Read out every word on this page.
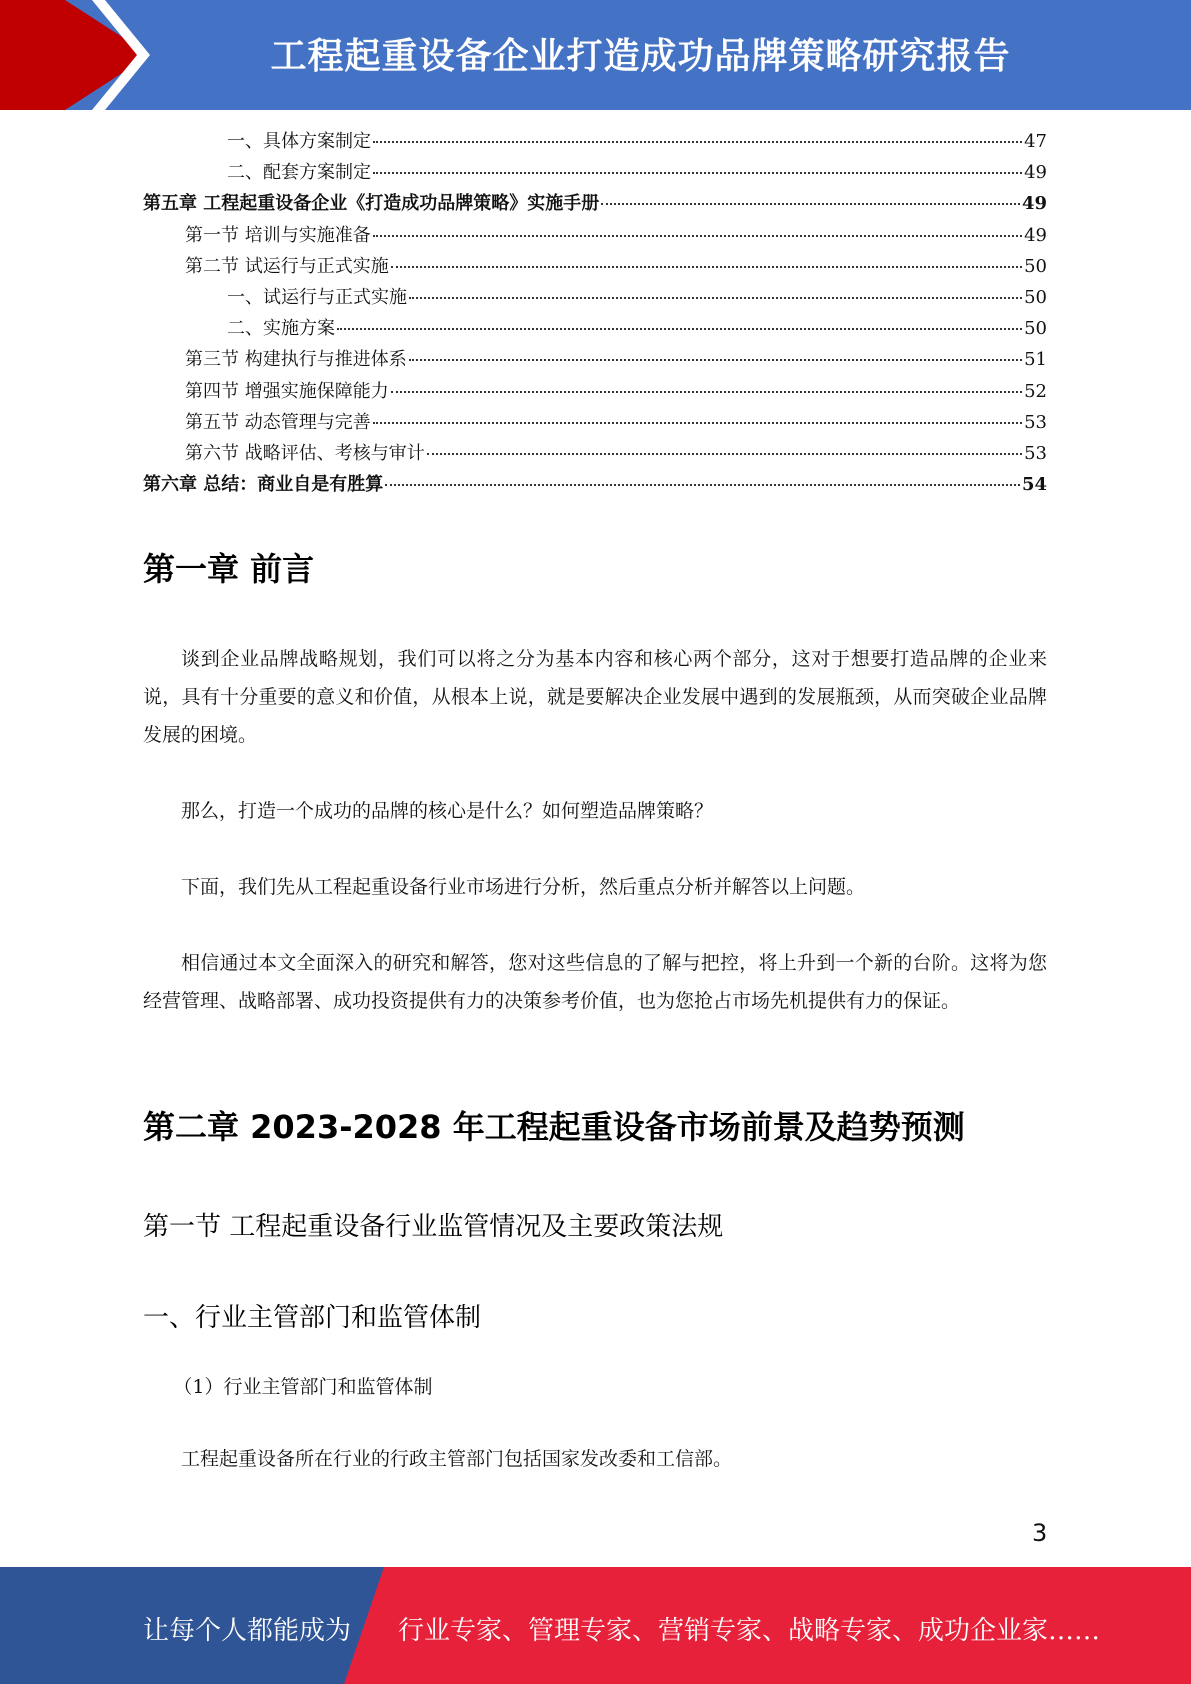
工程起重设备企业打造成功品牌策略研究报告
一、具体方案制定	47
二、配套方案制定	49
第五章 工程起重设备企业《打造成功品牌策略》实施手册	49
第一节 培训与实施准备	49
第二节 试运行与正式实施	50
一、试运行与正式实施	50
二、实施方案	50
第三节 构建执行与推进体系	51
第四节 增强实施保障能力	52
第五节 动态管理与完善	53
第六节 战略评估、考核与审计	53
第六章 总结：商业自是有胜算	54
第一章 前言
谈到企业品牌战略规划，我们可以将之分为基本内容和核心两个部分，这对于想要打造品牌的企业来说，具有十分重要的意义和价值，从根本上说，就是要解决企业发展中遇到的发展瓶颈，从而突破企业品牌发展的困境。
那么，打造一个成功的品牌的核心是什么？如何塑造品牌策略？
下面，我们先从工程起重设备行业市场进行分析，然后重点分析并解答以上问题。
相信通过本文全面深入的研究和解答，您对这些信息的了解与把控，将上升到一个新的台阶。这将为您经营管理、战略部署、成功投资提供有力的决策参考价值，也为您抢占市场先机提供有力的保证。
第二章 2023-2028 年工程起重设备市场前景及趋势预测
第一节 工程起重设备行业监管情况及主要政策法规
一、行业主管部门和监管体制
（1）行业主管部门和监管体制
工程起重设备所在行业的行政主管部门包括国家发改委和工信部。
3
让每个人都能成为 行业专家、管理专家、营销专家、战略专家、成功企业家……
